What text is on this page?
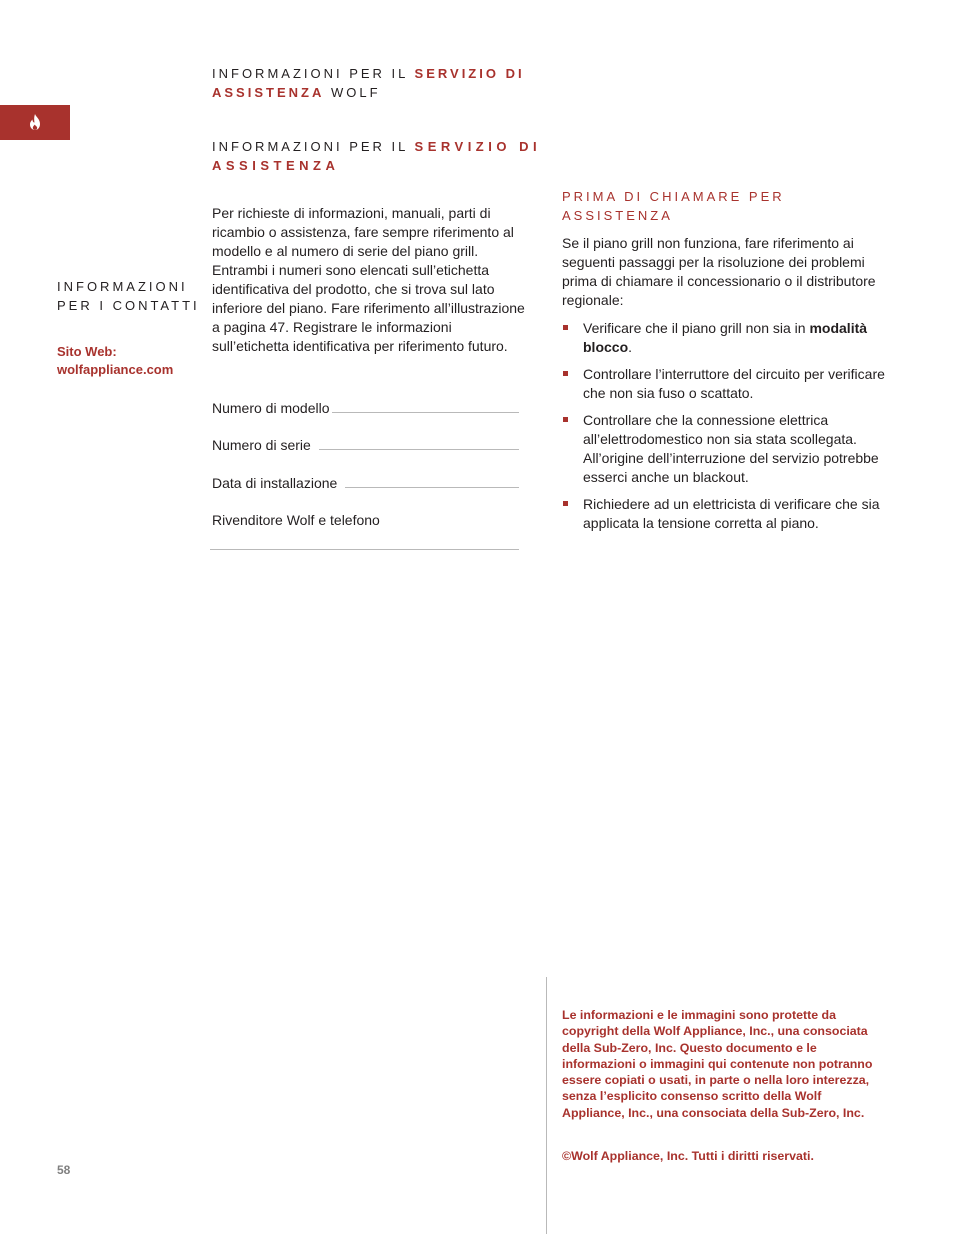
INFORMAZIONI PER IL SERVIZIO DI ASSISTENZA WOLF
INFORMAZIONI PER IL SERVIZIO DI ASSISTENZA
INFORMAZIONI
PER I CONTATTI
Sito Web:
wolfappliance.com
Per richieste di informazioni, manuali, parti di ricambio o assistenza, fare sempre riferimento al modello e al numero di serie del piano grill. Entrambi i numeri sono elencati sull’etichetta identificativa del prodotto, che si trova sul lato inferiore del piano. Fare riferimento all’illustrazione a pagina 47. Registrare le informazioni sull’etichetta identificativa per riferimento futuro.
Numero di modello
Numero di serie
Data di installazione
Rivenditore Wolf e telefono
PRIMA DI CHIAMARE PER ASSISTENZA
Se il piano grill non funziona, fare riferimento ai seguenti passaggi per la risoluzione dei problemi prima di chiamare il concessionario o il distributore regionale:
Verificare che il piano grill non sia in modalità blocco.
Controllare l’interruttore del circuito per verificare che non sia fuso o scattato.
Controllare che la connessione elettrica all’elettrodomestico non sia stata scollegata. All’origine dell’interruzione del servizio potrebbe esserci anche un blackout.
Richiedere ad un elettricista di verificare che sia applicata la tensione corretta al piano.
Le informazioni e le immagini sono protette da copyright della Wolf Appliance, Inc., una consociata della Sub-Zero, Inc. Questo documento e le informazioni o immagini qui contenute non potranno essere copiati o usati, in parte o nella loro interezza, senza l’esplicito consenso scritto della Wolf Appliance, Inc., una consociata della Sub-Zero, Inc.
©Wolf Appliance, Inc. Tutti i diritti riservati.
58
